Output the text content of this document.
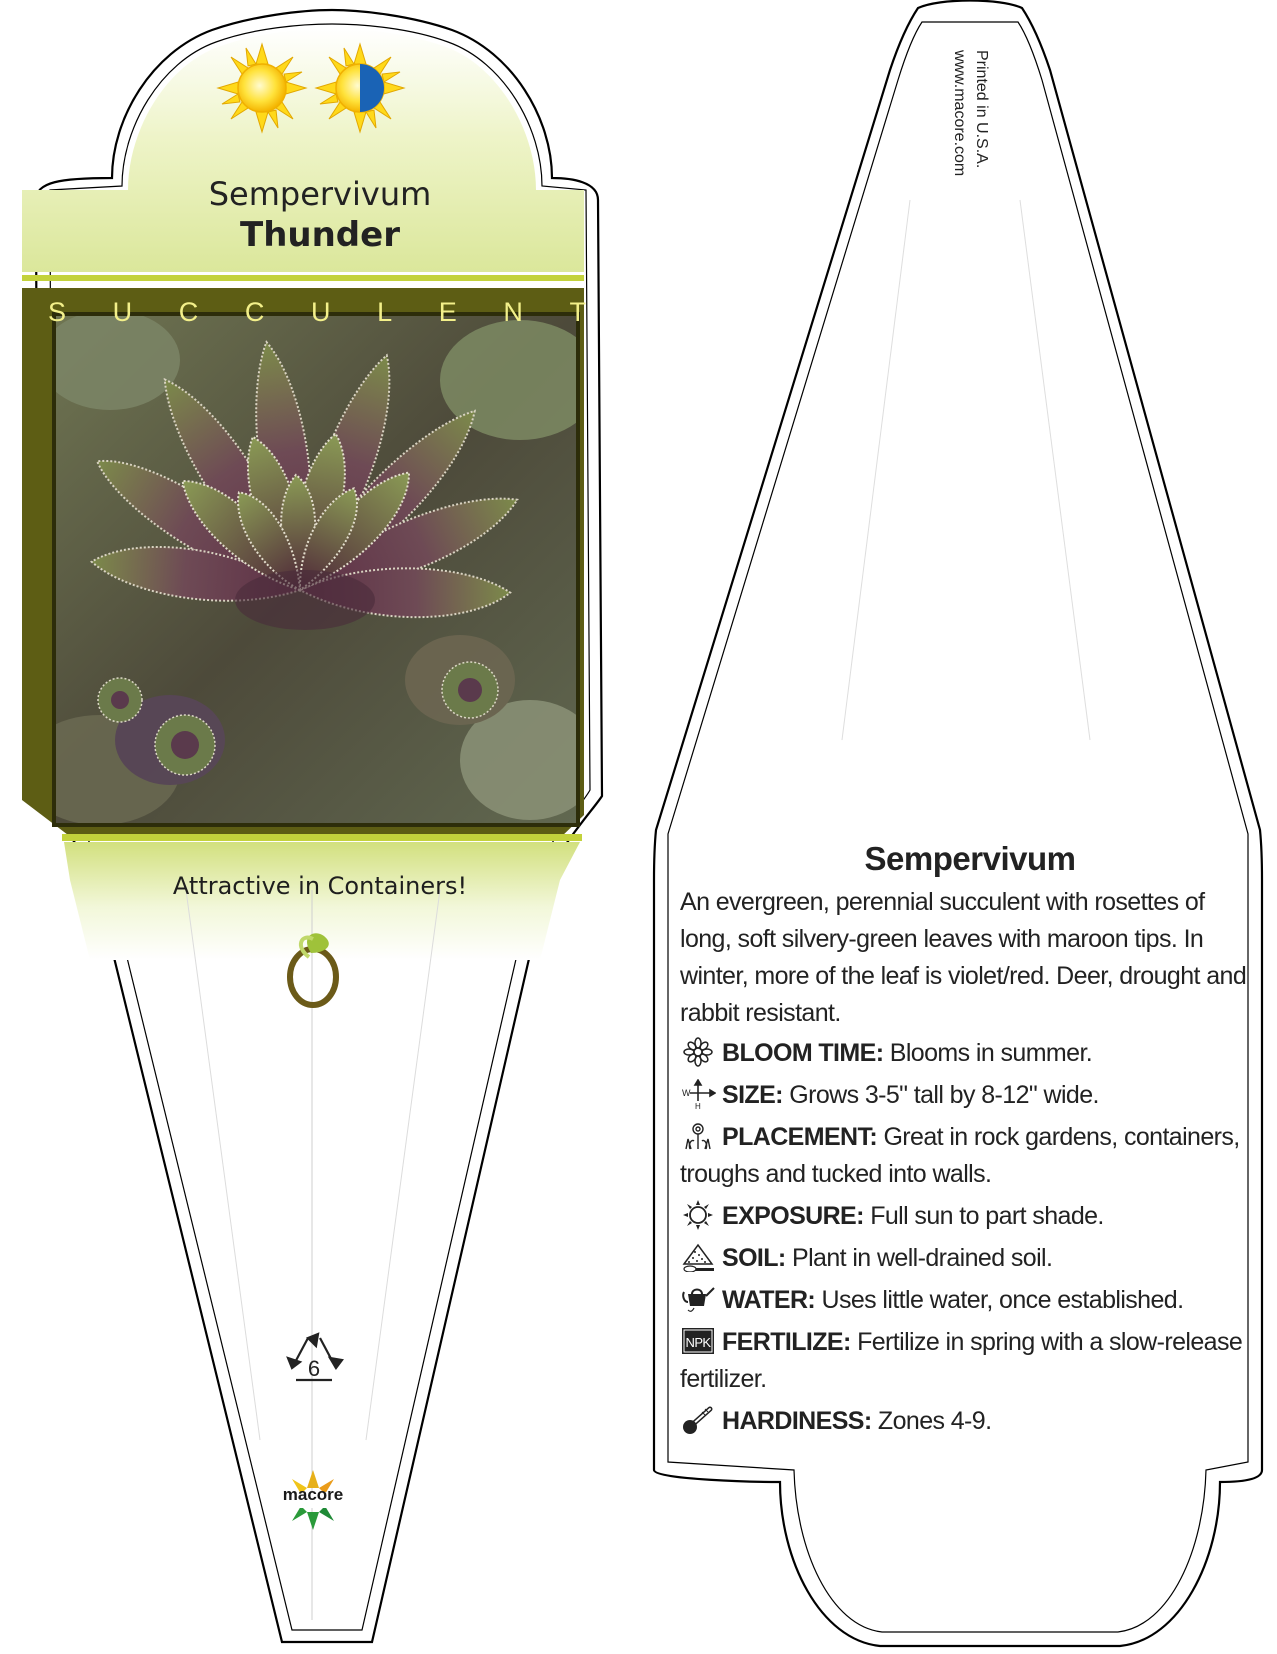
Sempervivum
Thunder
S U C C U L E N T
Attractive in Containers!
6
macore
Printed in U.S.A.
www.macore.com
Sempervivum
An evergreen, perennial succulent with rosettes of long, soft silvery-green leaves with maroon tips. In winter, more of the leaf is violet/red. Deer, drought and rabbit resistant.
BLOOM TIME: Blooms in summer.
W
H SIZE: Grows 3-5" tall by 8-12" wide.
PLACEMENT: Great in rock gardens, containers, troughs and tucked into walls.
EXPOSURE: Full sun to part shade.
SOIL: Plant in well-drained soil.
WATER: Uses little water, once established.
NPK FERTILIZE: Fertilize in spring with a slow-release fertilizer.
HARDINESS: Zones 4-9.
